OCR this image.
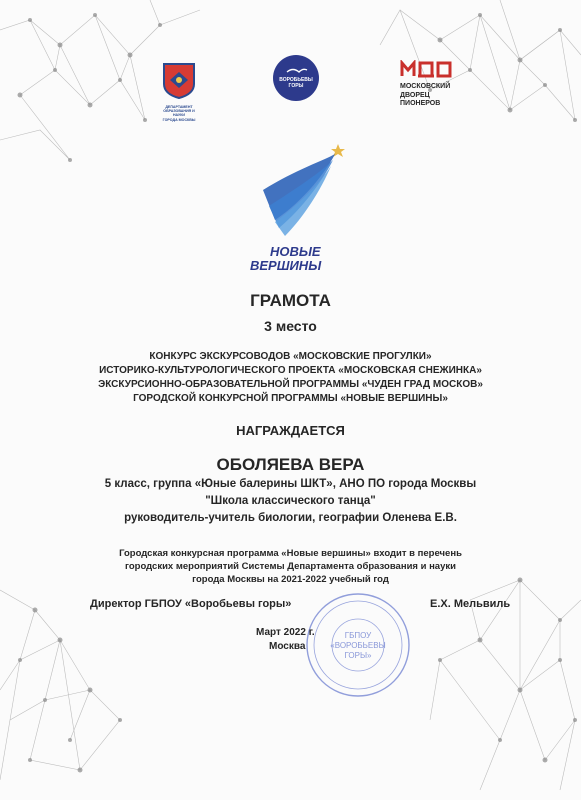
ДЕПАРТАМЕНТ
ОБРАЗОВАНИЯ И НАУКИ
ГОРОДА МОСКВЫ
ВОРОБЬЕВЫ
ГОРЫ	МОСКОВСКИЙ
ДВОРЕЦ
ПИОНЕРОВ
НОВЫЕ
ВЕРШИНЫ
ГРАМОТА
3 место
КОНКУРС ЭКСКУРСОВОДОВ «МОСКОВСКИЕ ПРОГУЛКИ»
ИСТОРИКО-КУЛЬТУРОЛОГИЧЕСКОГО ПРОЕКТА «МОСКОВСКАЯ СНЕЖИНКА»
ЭКСКУРСИОННО-ОБРАЗОВАТЕЛЬНОЙ ПРОГРАММЫ «ЧУДЕН ГРАД МОСКОВ»
ГОРОДСКОЙ КОНКУРСНОЙ ПРОГРАММЫ «НОВЫЕ ВЕРШИНЫ»
НАГРАЖДАЕТСЯ
ОБОЛЯЕВА ВЕРА
5 класс, группа «Юные балерины ШКТ», АНО ПО города Москвы
"Школа классического танца"
руководитель-учитель биологии, географии Оленева Е.В.
Городская конкурсная программа «Новые вершины» входит в перечень
городских мероприятий Системы Департамента образования и науки
города Москвы на 2021-2022 учебный год
Директор ГБПОУ «Воробьевы горы»	Е.Х. Мельвиль
ГБПОУ
«ВОРОБЬЕВЫ
ГОРЫ»
Март 2022 г.
Москва
